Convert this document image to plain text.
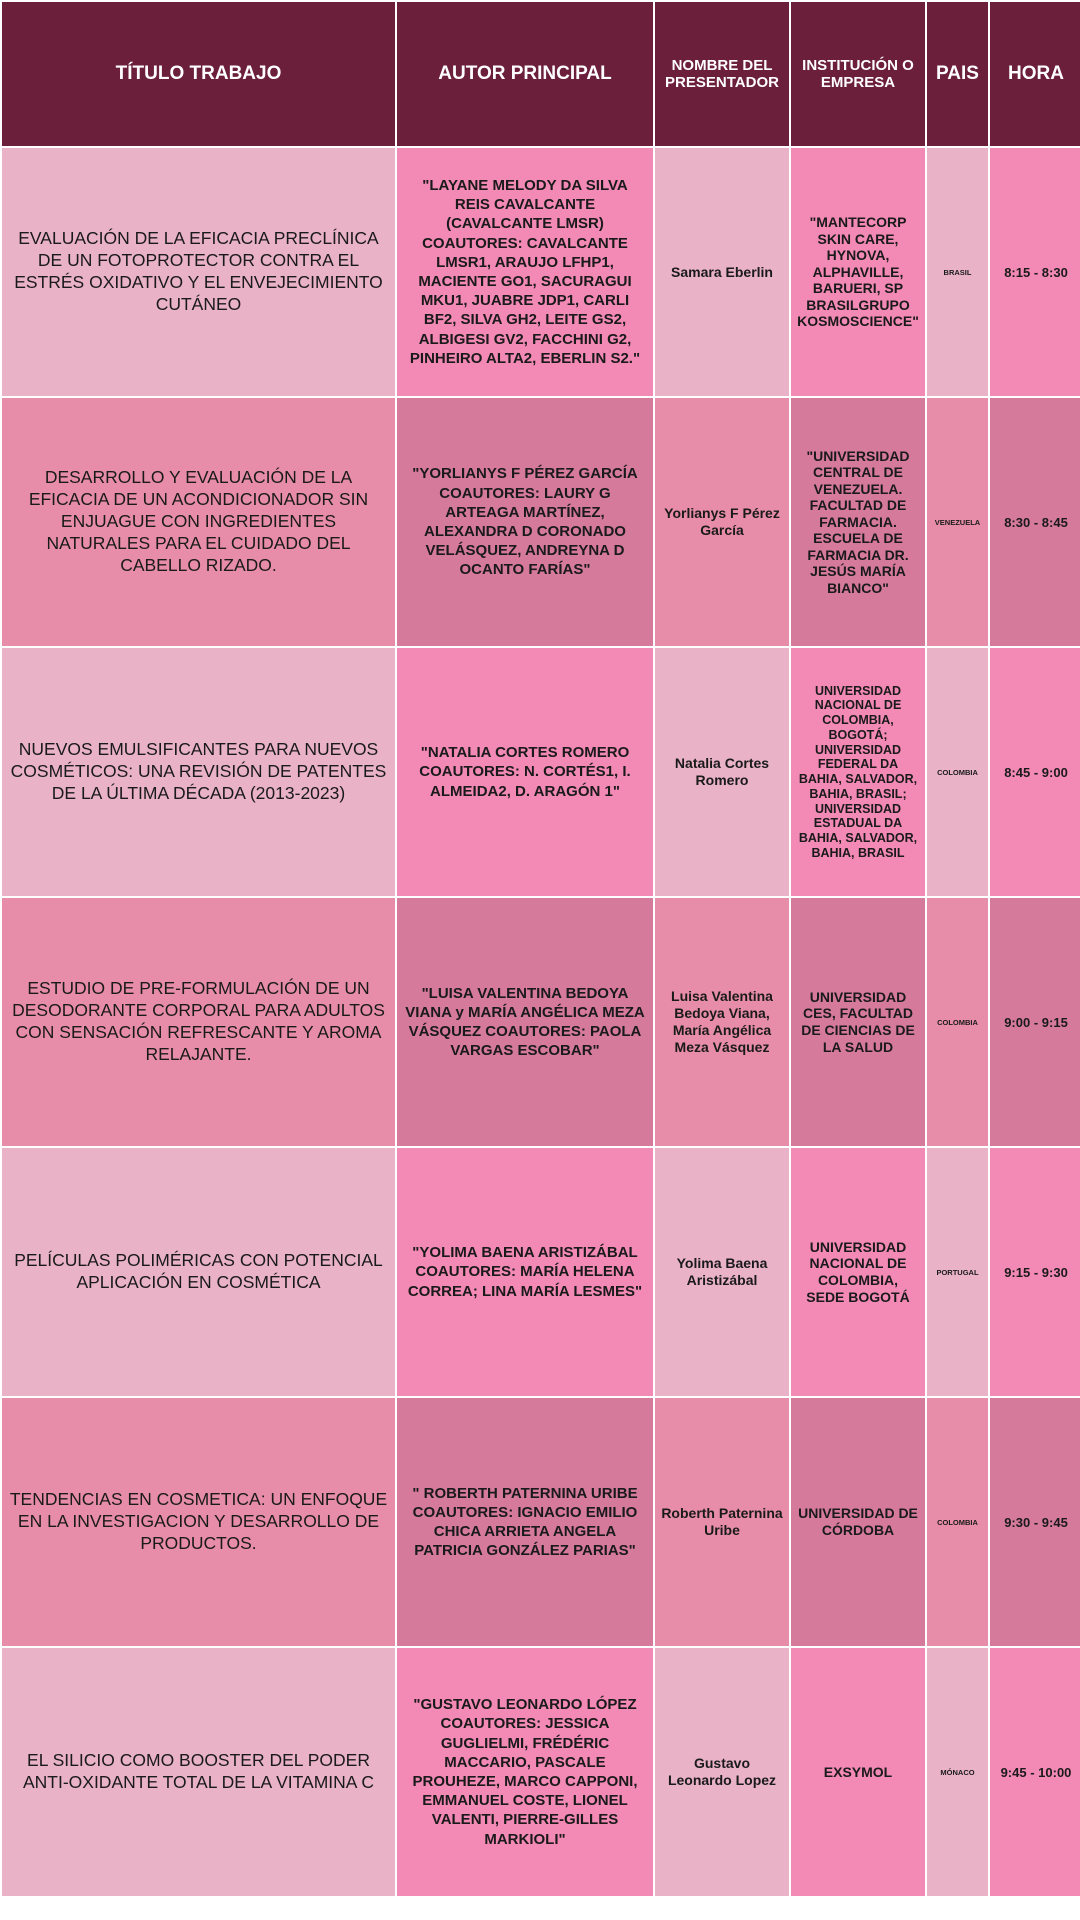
TÍTULO TRABAJO	AUTOR PRINCIPAL	NOMBRE DEL PRESENTADOR	INSTITUCIÓN O EMPRESA	PAIS	HORA
EVALUACIÓN DE LA EFICACIA PRECLÍNICA DE UN FOTOPROTECTOR CONTRA EL ESTRÉS OXIDATIVO Y EL ENVEJECIMIENTO CUTÁNEO	"LAYANE MELODY DA SILVA REIS CAVALCANTE (CAVALCANTE LMSR) COAUTORES: CAVALCANTE LMSR1, ARAUJO LFHP1, MACIENTE GO1, SACURAGUI MKU1, JUABRE JDP1, CARLI BF2, SILVA GH2, LEITE GS2, ALBIGESI GV2, FACCHINI G2, PINHEIRO ALTA2, EBERLIN S2."	Samara Eberlin	"MANTECORP SKIN CARE, HYNOVA, ALPHAVILLE, BARUERI, SP BRASILGRUPO KOSMOSCIENCE"	BRASIL	8:15 - 8:30
DESARROLLO Y EVALUACIÓN DE LA EFICACIA DE UN ACONDICIONADOR SIN ENJUAGUE CON INGREDIENTES NATURALES PARA EL CUIDADO DEL CABELLO RIZADO.	"YORLIANYS F PÉREZ GARCÍA COAUTORES: LAURY G ARTEAGA MARTÍNEZ, ALEXANDRA D CORONADO VELÁSQUEZ, ANDREYNA D OCANTO FARÍAS"	Yorlianys F Pérez García	"UNIVERSIDAD CENTRAL DE VENEZUELA. FACULTAD DE FARMACIA. ESCUELA DE FARMACIA DR. JESÚS MARÍA BIANCO"	VENEZUELA	8:30 - 8:45
NUEVOS EMULSIFICANTES PARA NUEVOS COSMÉTICOS: UNA REVISIÓN DE PATENTES DE LA ÚLTIMA DÉCADA (2013-2023)	"NATALIA CORTES ROMERO COAUTORES: N. CORTÉS1, I. ALMEIDA2, D. ARAGÓN 1"	Natalia Cortes Romero	UNIVERSIDAD NACIONAL DE COLOMBIA, BOGOTÁ; UNIVERSIDAD FEDERAL DA BAHIA, SALVADOR, BAHIA, BRASIL; UNIVERSIDAD ESTADUAL DA BAHIA, SALVADOR, BAHIA, BRASIL	COLOMBIA	8:45 - 9:00
ESTUDIO DE PRE-FORMULACIÓN DE UN DESODORANTE CORPORAL PARA ADULTOS CON SENSACIÓN REFRESCANTE Y AROMA RELAJANTE.	"LUISA VALENTINA BEDOYA VIANA y MARÍA ANGÉLICA MEZA VÁSQUEZ COAUTORES: PAOLA VARGAS ESCOBAR"	Luisa Valentina Bedoya Viana, María Angélica Meza Vásquez	UNIVERSIDAD CES, FACULTAD DE CIENCIAS DE LA SALUD	COLOMBIA	9:00 - 9:15
PELÍCULAS POLIMÉRICAS CON POTENCIAL APLICACIÓN EN COSMÉTICA	"YOLIMA BAENA ARISTIZÁBAL COAUTORES: MARÍA HELENA CORREA; LINA MARÍA LESMES"	Yolima Baena Aristizábal	UNIVERSIDAD NACIONAL DE COLOMBIA, SEDE BOGOTÁ	PORTUGAL	9:15 - 9:30
TENDENCIAS EN COSMETICA: UN ENFOQUE EN LA INVESTIGACION Y DESARROLLO DE PRODUCTOS.	" ROBERTH PATERNINA URIBE COAUTORES: IGNACIO EMILIO CHICA ARRIETA ANGELA PATRICIA GONZÁLEZ PARIAS"	Roberth Paternina Uribe	UNIVERSIDAD DE CÓRDOBA	COLOMBIA	9:30 - 9:45
EL SILICIO COMO BOOSTER DEL PODER ANTI-OXIDANTE TOTAL DE LA VITAMINA C	"GUSTAVO LEONARDO LÓPEZ COAUTORES: JESSICA GUGLIELMI, FRÉDÉRIC MACCARIO, PASCALE PROUHEZE, MARCO CAPPONI, EMMANUEL COSTE, LIONEL VALENTI, PIERRE-GILLES MARKIOLI"	Gustavo Leonardo Lopez	EXSYMOL	MÓNACO	9:45 - 10:00
